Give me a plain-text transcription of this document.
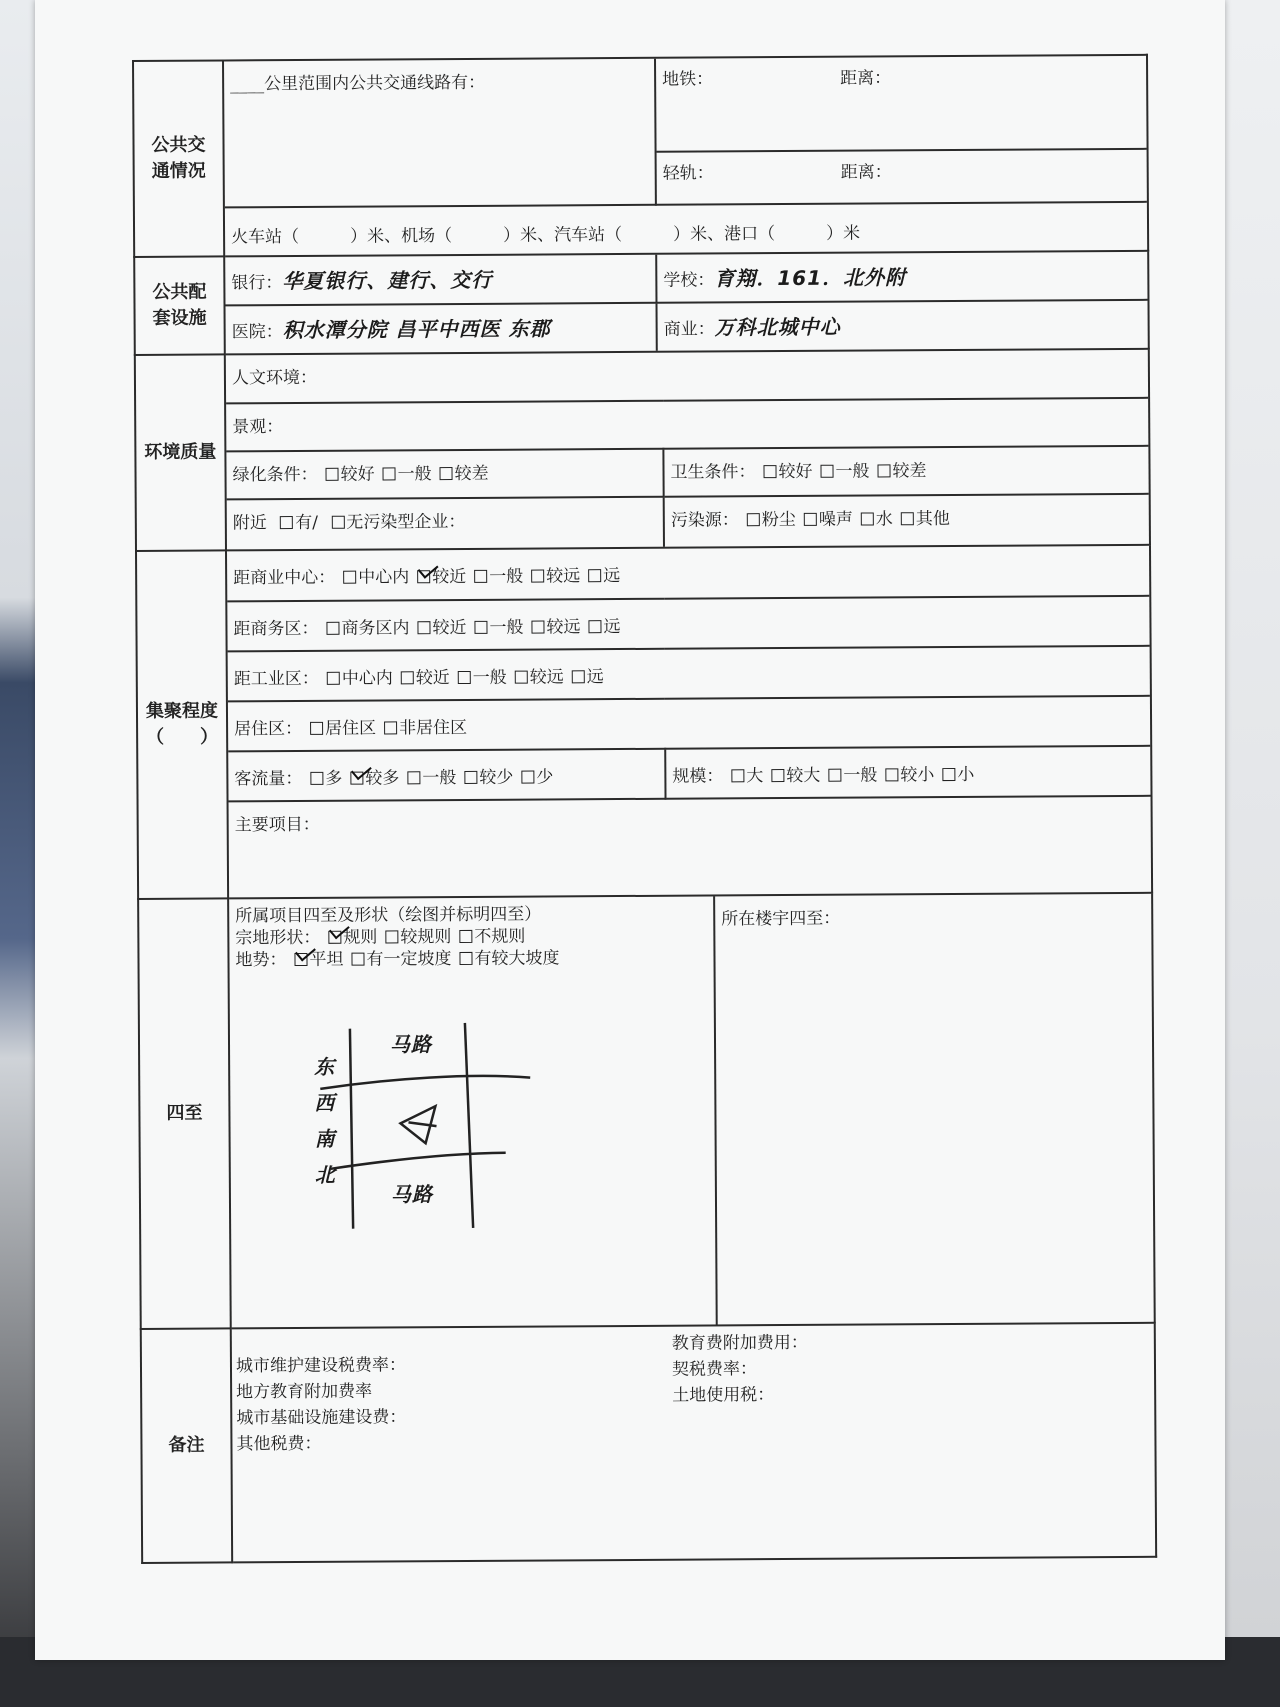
公共交通情况

____公里范围内公共交通线路有：	地铁：	距离：
轻轨：	距离：

火车站（　　　）米、机场（　　　）米、汽车站（　　　）米、港口（　　　）米

公共配套设施

银行：华夏银行、建行、交行	学校：育翔．161．北外附

医院：积水潭分院 昌平中西医 东郡	商业：万科北城中心

环境质量	
人文环境：

景观：

绿化条件： 较好 一般 较差	卫生条件： 较好 一般 较差

附近 有/ 无污染型企业：	污染源： 粉尘 噪声 水 其他

集聚程度
（　　）

距商业中心： 中心内 较近 一般 较远 远

距商务区： 商务区内 较近 一般 较远 远

距工业区： 中心内 较近 一般 较远 远

居住区： 居住区 非居住区

客流量： 多 较多 一般 较少 少	规模： 大 较大 一般 较小 小

主要项目：

四至	
所属项目四至及形状（绘图并标明四至）
宗地形状： 规则 较规则 不规则
地势： 平坦 有一定坡度 有较大坡度
马路
马路
东 西 南 北

所在楼宇四至：

备注	
城市维护建设税费率：
地方教育附加费率
城市基础设施建设费：
其他税费：
教育费附加费用：
契税费率：
土地使用税：
